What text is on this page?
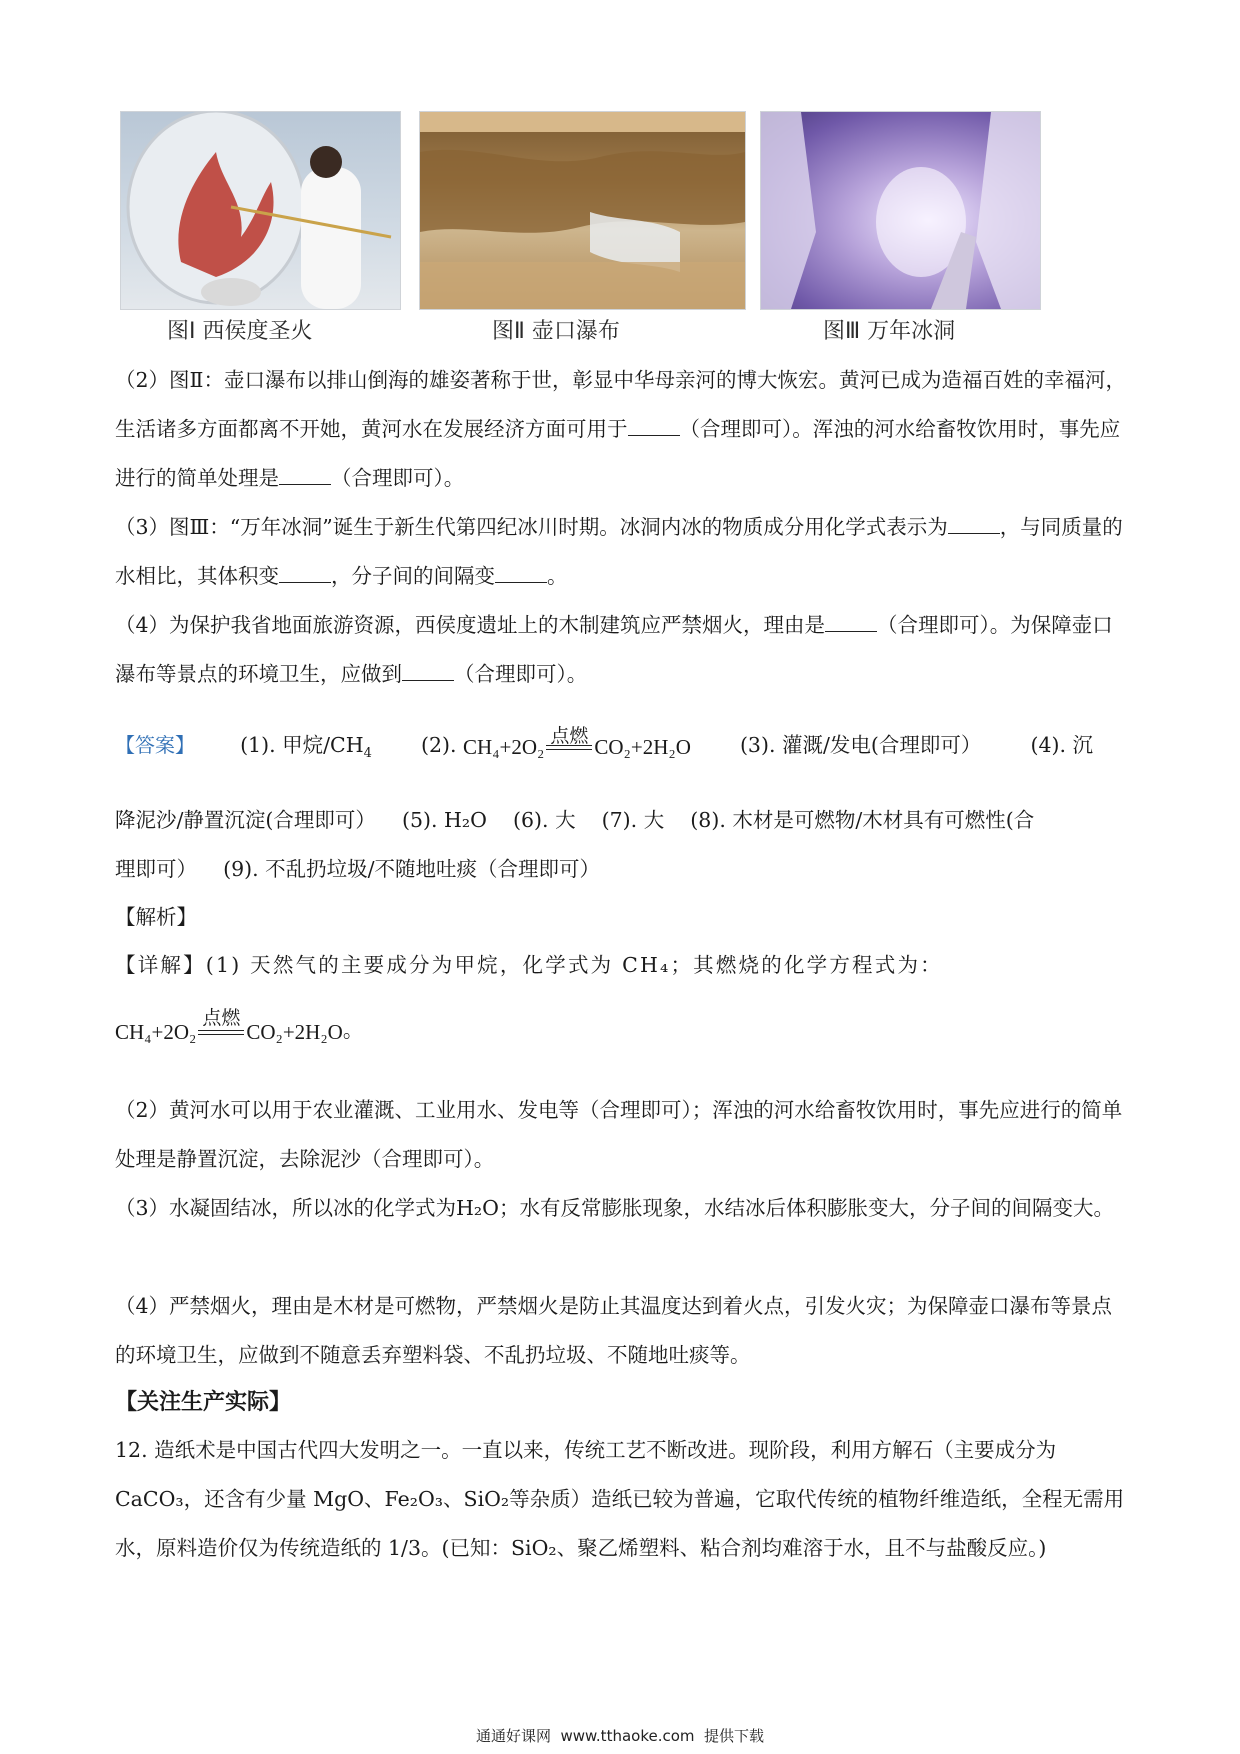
图Ⅰ 西侯度圣火	图Ⅱ 壶口瀑布	图Ⅲ 万年冰洞

（2）图Ⅱ：壶口瀑布以排山倒海的雄姿著称于世，彰显中华母亲河的博大恢宏。黄河已成为造福百姓的幸福河，生活诸多方面都离不开她，黄河水在发展经济方面可用于	（合理即可）。浑浊的河水给畜牧饮用时，事先应进行的简单处理是	（合理即可）。

（3）图Ⅲ：“万年冰洞”诞生于新生代第四纪冰川时期。冰洞内冰的物质成分用化学式表示为	，与同质量的水相比，其体积变	，分子间的间隔变	。

（4）为保护我省地面旅游资源，西侯度遗址上的木制建筑应严禁烟火，理由是	（合理即可）。为保障壶口瀑布等景点的环境卫生，应做到	（合理即可）。

【答案】 (1). 甲烷$/CH_4$ (2). CH₄+2O₂ 点燃 CO₂+2H₂O (3). 灌溉/发电(合理即可） (4). 沉

降泥沙/静置沉淀(合理即可）    (5). H₂O    (6). 大    (7). 大    (8). 木材是可燃物/木材具有可燃性(合

理即可）    (9). 不乱扔垃圾/不随地吐痰（合理即可）

【解析】

【详解】(1) 天然气的主要成分为甲烷，化学式为 CH₄；其燃烧的化学方程式为：

CH₄+2O₂
点燃
CO₂+2H₂O。

（2）黄河水可以用于农业灌溉、工业用水、发电等（合理即可）；浑浊的河水给畜牧饮用时，事先应进行的简单处理是静置沉淀，去除泥沙（合理即可）。

（3）水凝固结冰，所以冰的化学式为H₂O；水有反常膨胀现象，水结冰后体积膨胀变大，分子间的间隔变大。

（4）严禁烟火，理由是木材是可燃物，严禁烟火是防止其温度达到着火点，引发火灾；为保障壶口瀑布等景点的环境卫生，应做到不随意丢弃塑料袋、不乱扔垃圾、不随地吐痰等。

【关注生产实际】

12. 造纸术是中国古代四大发明之一。一直以来，传统工艺不断改进。现阶段，利用方解石（主要成分为CaCO₃，还含有少量 MgO、Fe₂O₃、SiO₂等杂质）造纸已较为普遍，它取代传统的植物纤维造纸，全程无需用水，原料造价仅为传统造纸的 1/3。(已知：SiO₂、聚乙烯塑料、粘合剂均难溶于水，且不与盐酸反应。)

通通好课网  www.tthaoke.com  提供下载
